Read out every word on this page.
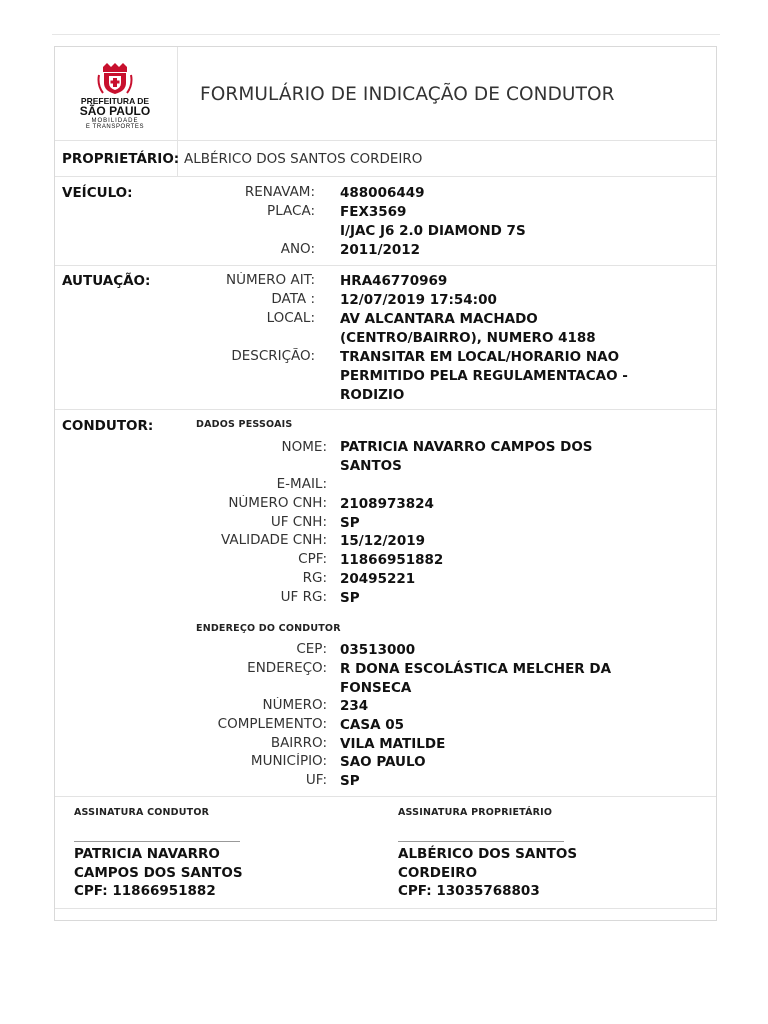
PREFEITURA DE
SÃO PAULO
MOBILIDADE
E TRANSPORTES
FORMULÁRIO DE INDICAÇÃO DE CONDUTOR
PROPRIETÁRIO: ALBÉRICO DOS SANTOS CORDEIRO
VEÍCULO:	RENAVAM: 488006449
PLACA: FEX3569
I/JAC J6 2.0 DIAMOND 7S
ANO: 2011/2012
AUTUAÇÃO:	NÚMERO AIT: HRA46770969
DATA : 12/07/2019 17:54:00
LOCAL: AV ALCANTARA MACHADO
(CENTRO/BAIRRO), NUMERO 4188
DESCRIÇÃO: TRANSITAR EM LOCAL/HORARIO NAO
PERMITIDO PELA REGULAMENTACAO -
RODIZIO
CONDUTOR:	DADOS PESSOAIS
NOME: PATRICIA NAVARRO CAMPOS DOS
SANTOS
E-MAIL:
NÚMERO CNH: 2108973824
UF CNH: SP
VALIDADE CNH: 15/12/2019
CPF: 11866951882
RG: 20495221
UF RG: SP
ENDEREÇO DO CONDUTOR
CEP: 03513000
ENDEREÇO: R DONA ESCOLÁSTICA MELCHER DA
FONSECA
NÚMERO: 234
COMPLEMENTO: CASA 05
BAIRRO: VILA MATILDE
MUNICÍPIO: SAO PAULO
UF: SP
ASSINATURA CONDUTOR
PATRICIA NAVARRO
CAMPOS DOS SANTOS
CPF: 11866951882
ASSINATURA PROPRIETÁRIO
ALBÉRICO DOS SANTOS
CORDEIRO
CPF: 13035768803
